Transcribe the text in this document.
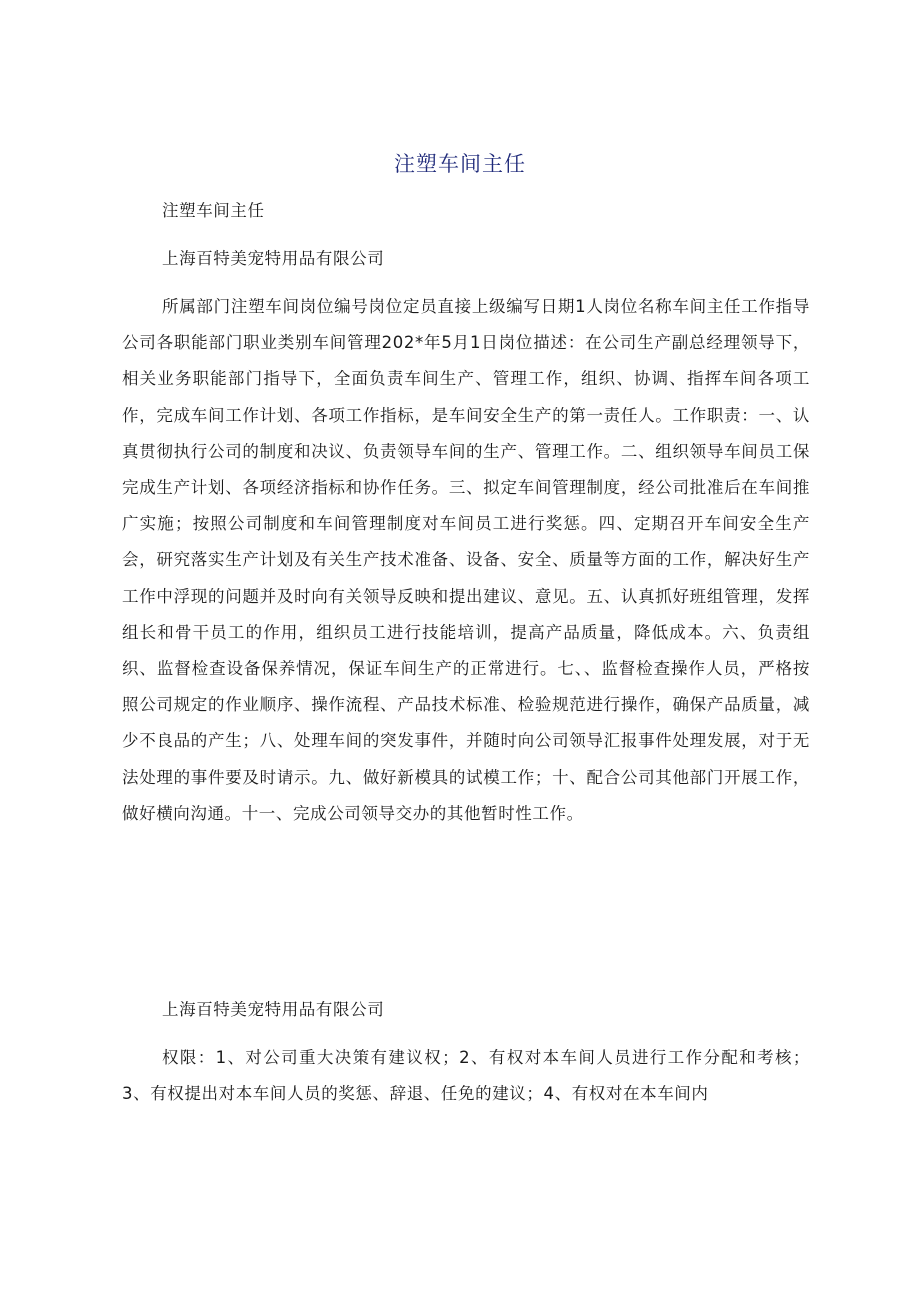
注塑车间主任

注塑车间主任

上海百特美宠特用品有限公司

所属部门注塑车间岗位编号岗位定员直接上级编写日期1人岗位名称车间主任工作指导公司各职能部门职业类别车间管理202*年5月1日岗位描述：在公司生产副总经理领导下，相关业务职能部门指导下，全面负责车间生产、管理工作，组织、协调、指挥车间各项工作，完成车间工作计划、各项工作指标，是车间安全生产的第一责任人。工作职责：一、认真贯彻执行公司的制度和决议、负责领导车间的生产、管理工作。二、组织领导车间员工保完成生产计划、各项经济指标和协作任务。三、拟定车间管理制度，经公司批准后在车间推广实施；按照公司制度和车间管理制度对车间员工进行奖惩。四、定期召开车间安全生产会，研究落实生产计划及有关生产技术准备、设备、安全、质量等方面的工作，解决好生产工作中浮现的问题并及时向有关领导反映和提出建议、意见。五、认真抓好班组管理，发挥组长和骨干员工的作用，组织员工进行技能培训，提高产品质量，降低成本。六、负责组织、监督检查设备保养情况，保证车间生产的正常进行。七、、监督检查操作人员，严格按照公司规定的作业顺序、操作流程、产品技术标准、检验规范进行操作，确保产品质量，减少不良品的产生；八、处理车间的突发事件，并随时向公司领导汇报事件处理发展，对于无法处理的事件要及时请示。九、做好新模具的试模工作；十、配合公司其他部门开展工作，做好横向沟通。十一、完成公司领导交办的其他暂时性工作。

上海百特美宠特用品有限公司

权限：1、对公司重大决策有建议权；2、有权对本车间人员进行工作分配和考核；3、有权提出对本车间人员的奖惩、辞退、任免的建议；4、有权对在本车间内
